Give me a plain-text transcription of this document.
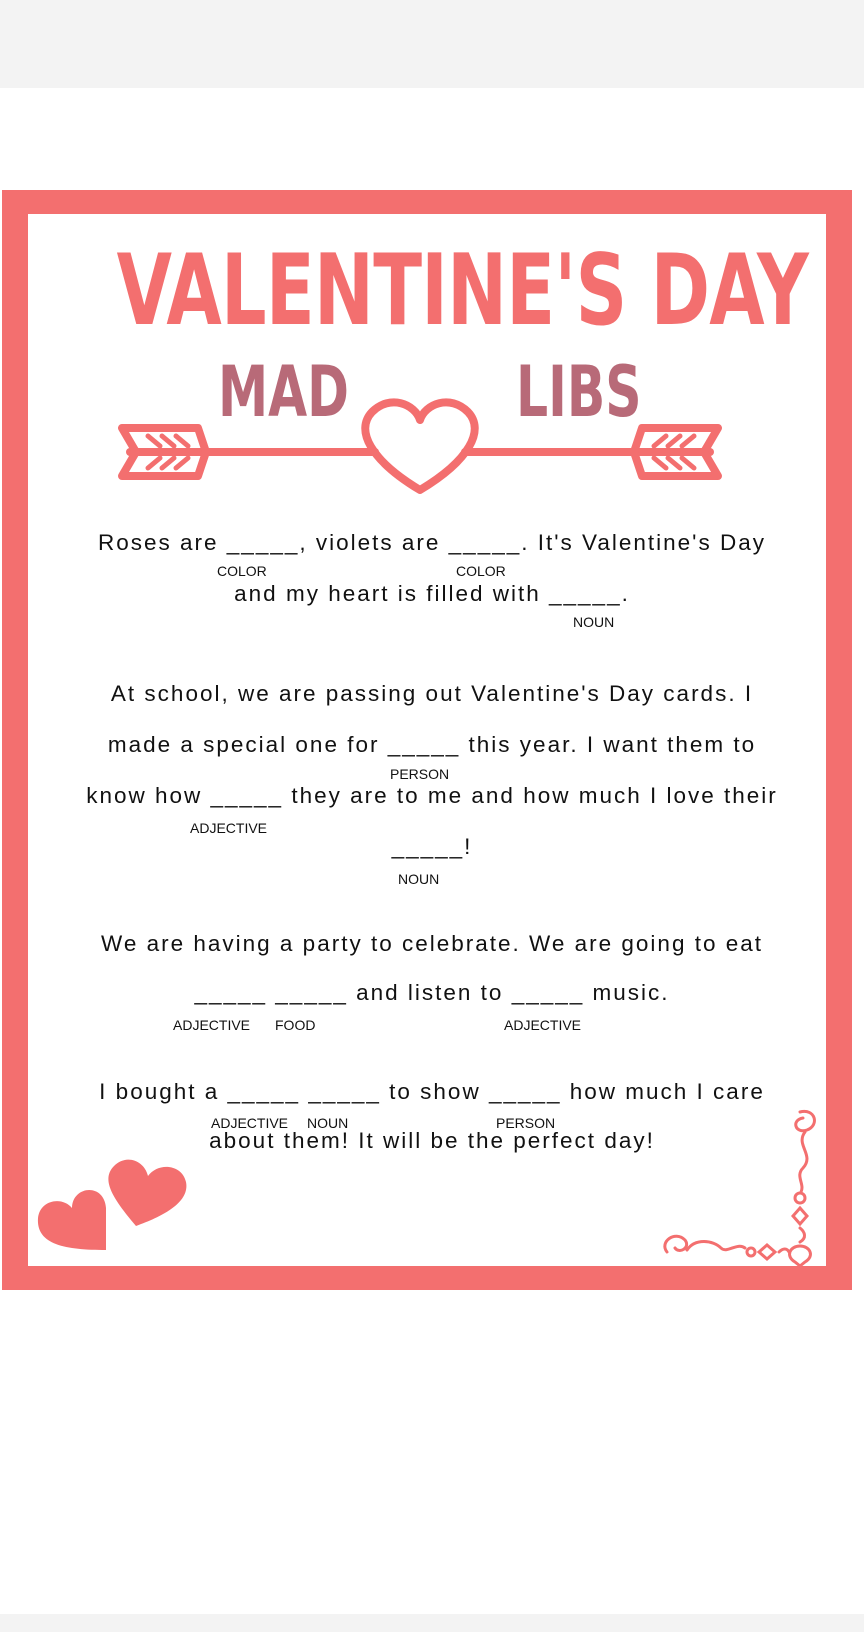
VALENTINE'S DAY
MAD LIBS
Roses are _____, violets are _____. It's Valentine's Day
COLOR	COLOR
and my heart is filled with _____.
NOUN
At school, we are passing out Valentine's Day cards. I
made a special one for _____ this year. I want them to
PERSON
know how _____ they are to me and how much I love their
ADJECTIVE
_____!
NOUN
We are having a party to celebrate. We are going to eat
_____ _____ and listen to _____ music.
ADJECTIVE FOOD	ADJECTIVE
I bought a _____ _____ to show _____ how much I care
ADJECTIVE NOUN	PERSON
about them! It will be the perfect day!
